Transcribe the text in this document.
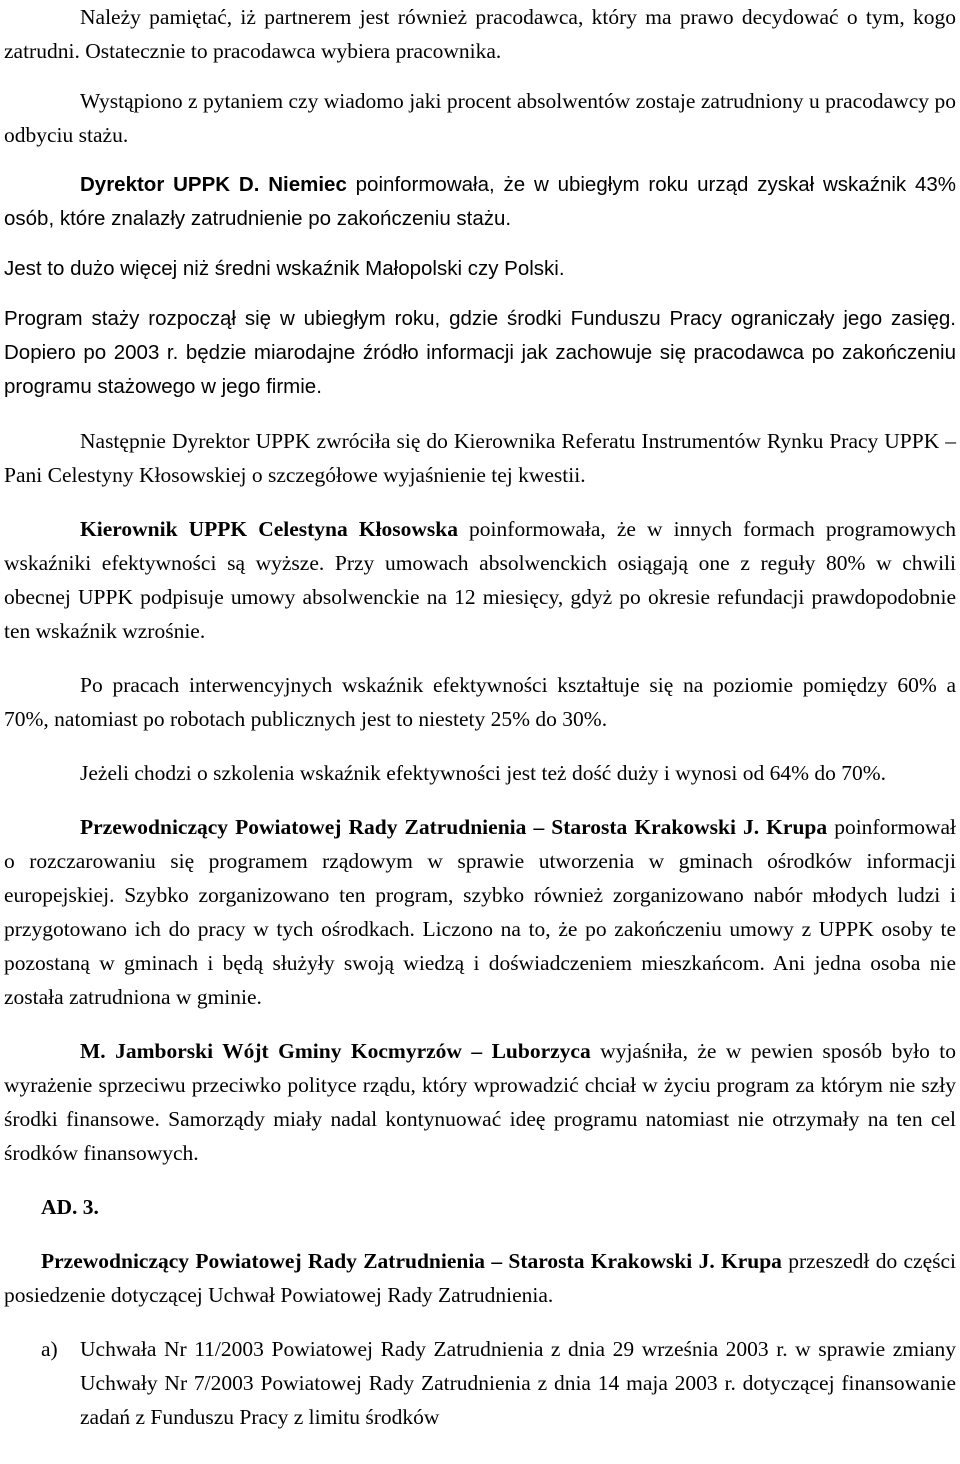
Należy pamiętać, iż partnerem jest również pracodawca, który ma prawo decydować o tym, kogo zatrudni. Ostatecznie to pracodawca wybiera pracownika.

Wystąpiono z pytaniem czy wiadomo jaki procent absolwentów zostaje zatrudniony u pracodawcy po odbyciu stażu.

Dyrektor UPPK D. Niemiec poinformowała, że w ubiegłym roku urząd zyskał wskaźnik 43% osób, które znalazły zatrudnienie po zakończeniu stażu.

Jest to dużo więcej niż średni wskaźnik Małopolski czy Polski.

Program staży rozpoczął się w ubiegłym roku, gdzie środki Funduszu Pracy ograniczały jego zasięg. Dopiero po 2003 r. będzie miarodajne źródło informacji jak zachowuje się pracodawca po zakończeniu programu stażowego w jego firmie.

Następnie Dyrektor UPPK zwróciła się do Kierownika Referatu Instrumentów Rynku Pracy UPPK – Pani Celestyny Kłosowskiej o szczegółowe wyjaśnienie tej kwestii.

Kierownik UPPK Celestyna Kłosowska poinformowała, że w innych formach programowych wskaźniki efektywności są wyższe. Przy umowach absolwenckich osiągają one z reguły 80% w chwili obecnej UPPK podpisuje umowy absolwenckie na 12 miesięcy, gdyż po okresie refundacji prawdopodobnie ten wskaźnik wzrośnie.

Po pracach interwencyjnych wskaźnik efektywności kształtuje się na poziomie pomiędzy 60% a 70%, natomiast po robotach publicznych jest to niestety 25% do 30%.

Jeżeli chodzi o szkolenia wskaźnik efektywności jest też dość duży i wynosi od 64% do 70%.

Przewodniczący Powiatowej Rady Zatrudnienia – Starosta Krakowski J. Krupa poinformował o rozczarowaniu się programem rządowym w sprawie utworzenia w gminach ośrodków informacji europejskiej. Szybko zorganizowano ten program, szybko również zorganizowano nabór młodych ludzi i przygotowano ich do pracy w tych ośrodkach. Liczono na to, że po zakończeniu umowy z UPPK osoby te pozostaną w gminach i będą służyły swoją wiedzą i doświadczeniem mieszkańcom. Ani jedna osoba nie została zatrudniona w gminie.

M. Jamborski Wójt Gminy Kocmyrzów – Luborzyca wyjaśniła, że w pewien sposób było to wyrażenie sprzeciwu przeciwko polityce rządu, który wprowadzić chciał w życiu program za którym nie szły środki finansowe. Samorządy miały nadal kontynuować ideę programu natomiast nie otrzymały na ten cel środków finansowych.

AD. 3.

Przewodniczący Powiatowej Rady Zatrudnienia – Starosta Krakowski J. Krupa przeszedł do części posiedzenie dotyczącej Uchwał Powiatowej Rady Zatrudnienia.

a) Uchwała Nr 11/2003 Powiatowej Rady Zatrudnienia z dnia 29 września 2003 r. w sprawie zmiany Uchwały Nr 7/2003 Powiatowej Rady Zatrudnienia z dnia 14 maja 2003 r. dotyczącej finansowanie zadań z Funduszu Pracy z limitu środków
